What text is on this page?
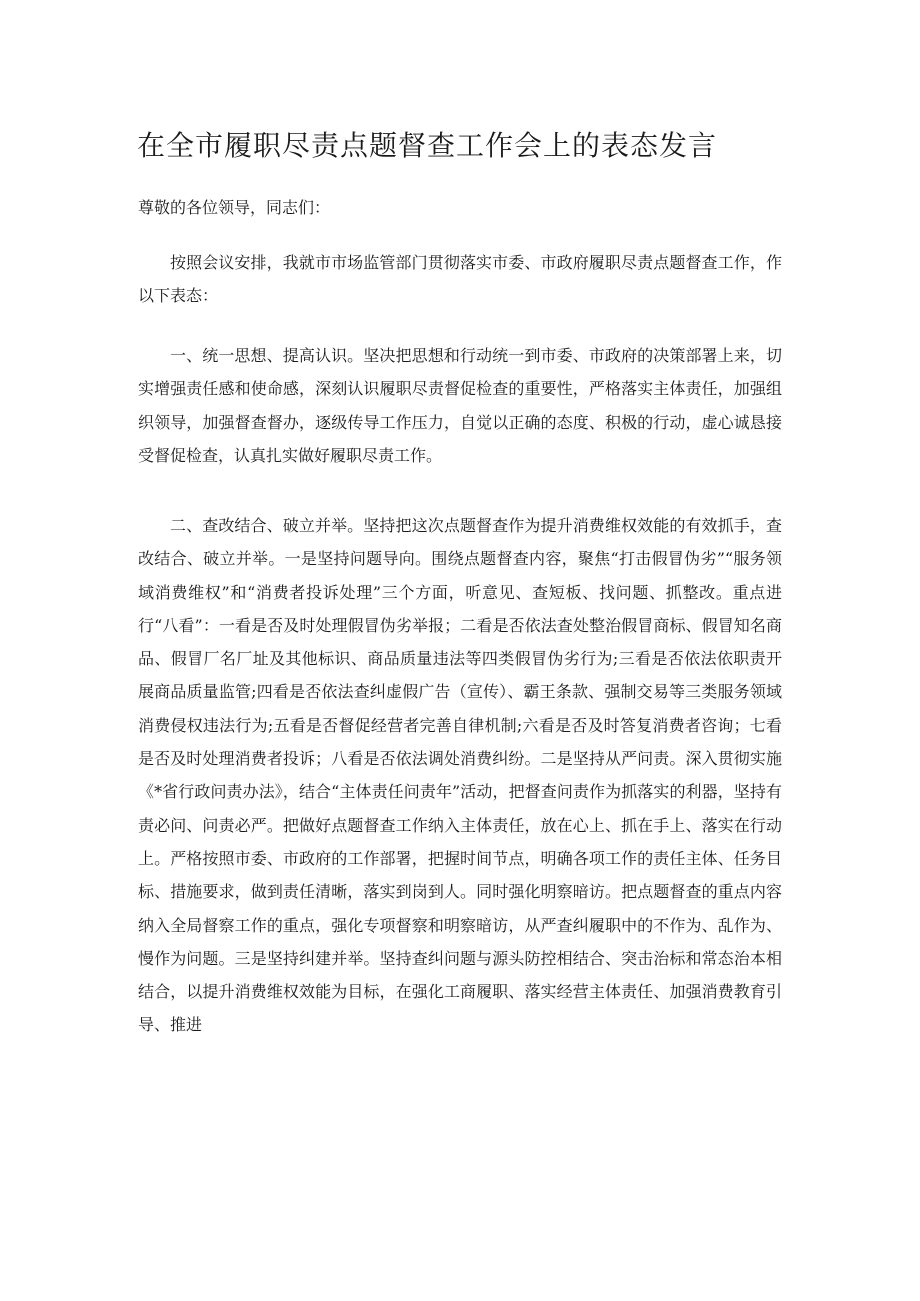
在全市履职尽责点题督查工作会上的表态发言
尊敬的各位领导，同志们：

按照会议安排，我就市市场监管部门贯彻落实市委、市政府履职尽责点题督查工作，作以下表态：

一、统一思想、提高认识。坚决把思想和行动统一到市委、市政府的决策部署上来，切实增强责任感和使命感，深刻认识履职尽责督促检查的重要性，严格落实主体责任，加强组织领导，加强督查督办，逐级传导工作压力，自觉以正确的态度、积极的行动，虚心诚恳接受督促检查，认真扎实做好履职尽责工作。

二、查改结合、破立并举。坚持把这次点题督查作为提升消费维权效能的有效抓手，查改结合、破立并举。一是坚持问题导向。围绕点题督查内容，聚焦“打击假冒伪劣”“服务领域消费维权”和“消费者投诉处理”三个方面，听意见、查短板、找问题、抓整改。重点进行“八看”：一看是否及时处理假冒伪劣举报；二看是否依法查处整治假冒商标、假冒知名商品、假冒厂名厂址及其他标识、商品质量违法等四类假冒伪劣行为;三看是否依法依职责开展商品质量监管;四看是否依法查纠虚假广告（宣传）、霸王条款、强制交易等三类服务领域消费侵权违法行为;五看是否督促经营者完善自律机制;六看是否及时答复消费者咨询；七看是否及时处理消费者投诉；八看是否依法调处消费纠纷。二是坚持从严问责。深入贯彻实施《*省行政问责办法》，结合“主体责任问责年”活动，把督查问责作为抓落实的利器，坚持有责必问、问责必严。把做好点题督查工作纳入主体责任，放在心上、抓在手上、落实在行动上。严格按照市委、市政府的工作部署，把握时间节点，明确各项工作的责任主体、任务目标、措施要求，做到责任清晰，落实到岗到人。同时强化明察暗访。把点题督查的重点内容纳入全局督察工作的重点，强化专项督察和明察暗访，从严查纠履职中的不作为、乱作为、慢作为问题。三是坚持纠建并举。坚持查纠问题与源头防控相结合、突击治标和常态治本相结合，以提升消费维权效能为目标，在强化工商履职、落实经营主体责任、加强消费教育引导、推进
